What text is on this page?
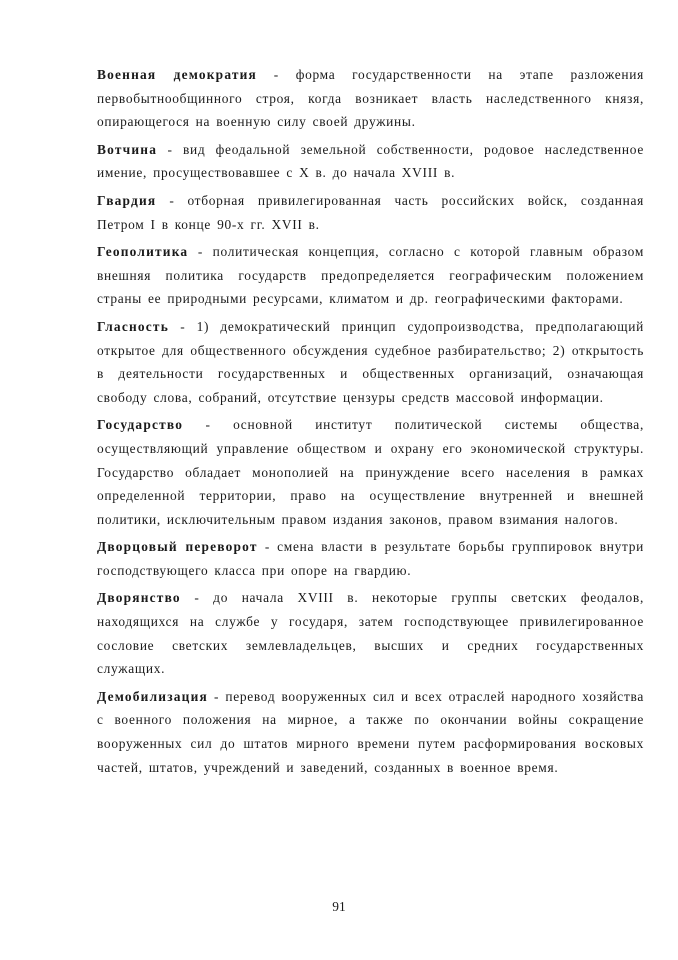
Военная демократия - форма государственности на этапе разложения первобытнообщинного строя, когда возникает власть наследственного князя, опирающегося на военную силу своей дружины.

Вотчина - вид феодальной земельной собственности, родовое наследственное имение, просуществовавшее с X в. до начала XVIII в.

Гвардия - отборная привилегированная часть российских войск, созданная Петром I в конце 90-х гг. XVII в.

Геополитика - политическая концепция, согласно с которой главным образом внешняя политика государств предопределяется географическим положением страны ее природными ресурсами, климатом и др. географическими факторами.

Гласность - 1) демократический принцип судопроизводства, предполагающий открытое для общественного обсуждения судебное разбирательство; 2) открытость в деятельности государственных и общественных организаций, означающая свободу слова, собраний, отсутствие цензуры средств массовой информации.

Государство - основной институт политической системы общества, осуществляющий управление обществом и охрану его экономической структуры. Государство обладает монополией на принуждение всего населения в рамках определенной территории, право на осуществление внутренней и внешней политики, исключительным правом издания законов, правом взимания налогов.

Дворцовый переворот - смена власти в результате борьбы группировок внутри господствующего класса при опоре на гвардию.

Дворянство - до начала XVIII в. некоторые группы светских феодалов, находящихся на службе у государя, затем господствующее привилегированное сословие светских землевладельцев, высших и средних государственных служащих.

Демобилизация - перевод вооруженных сил и всех отраслей народного хозяйства с военного положения на мирное, а также по окончании войны сокращение вооруженных сил до штатов мирного времени путем расформирования восковых частей, штатов, учреждений и заведений, созданных в военное время.

91
